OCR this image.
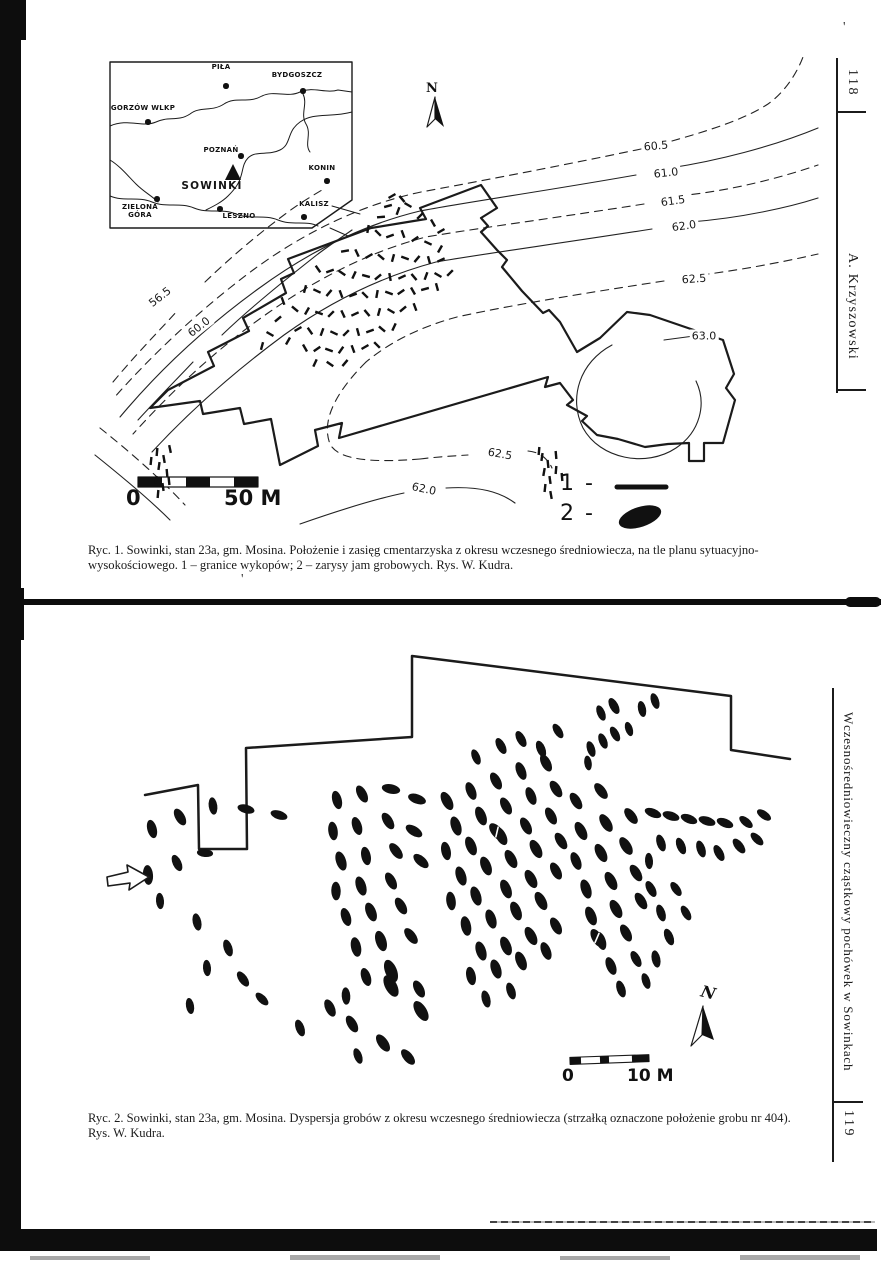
118
A. Krzyszowski
Wczesnośredniowieczny cząstkowy pochówek w Sowinkach
119
N
SOWINKI
0	50 M
1 -
2 -
Ryc. 1. Sowinki, stan 23a, gm. Mosina. Położenie i zasięg cmentarzyska z okresu wczesnego średniowiecza, na tle planu sytuacyjno-
wysokościowego. 1 – granice wykopów; 2 – zarysy jam grobowych. Rys. W. Kudra.
N
0	10 M
Ryc. 2. Sowinki, stan 23a, gm. Mosina. Dyspersja grobów z okresu wczesnego średniowiecza (strzałką oznaczone położenie grobu nr 404).
Rys. W. Kudra.
'
'
60.5
61.0
61.5
62.0
62.5
63.0
56.5
60.0
62.5
62.0
PIŁA
BYDGOSZCZ
GORZÓW WLKP
POZNAŃ
KONIN
ZIELONA
GÓRA	LESZNO
KALISZ
